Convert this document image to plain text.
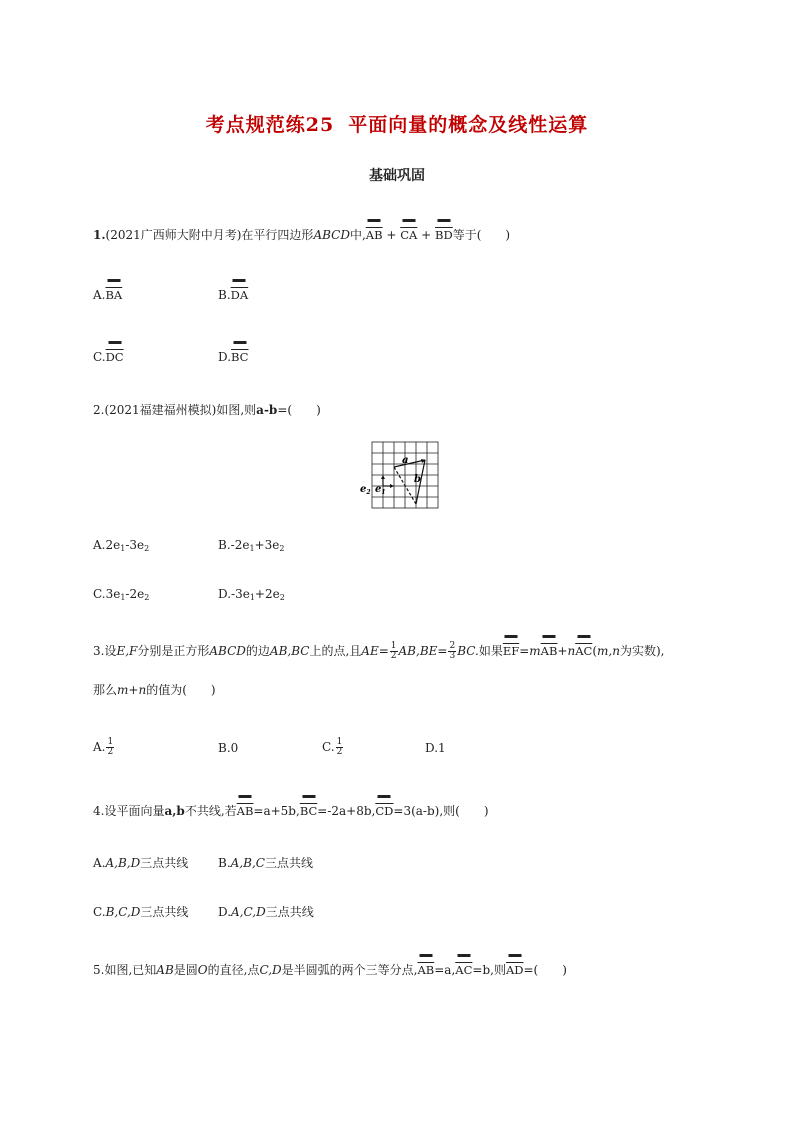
考点规范练25 平面向量的概念及线性运算
基础巩固
1.(2021广西师大附中月考)在平行四边形ABCD中$,\overline{AB} + \overline{CA} + \overline{BD}$等于(　　)
$A.\overline{BA}$	$B.\overline{DA}$
$C.\overline{DC}$	$D.\overline{BC}$
2.(2021福建福州模拟)如图,则a-b=(　　)
a
b
$e_2$ $e_1$
$A.2e_1-3e_2$	$B.-2e_1+3e_2$
$C.3e_1-2e_2$	$D.-3e_1+2e_2$
3.设E,F分别是正方形ABCD的边AB,BC上的点,且$AE= \frac{1}{2} AB,BE= \frac{2}{3}$ BC.如果$\overline{EF}=m\overline{AB}+n\overline{AC}(m,n$为实数),
那么m+n的值为(　　)
A. $\frac{1}{2}$	B.0	C. $\frac{1}{2}$	D.1
4.设平面向量a,b不共线,若$\overline{AB}=a+5b,\overline{BC}=-2a+8b,\overline{CD}=3(a-b)$,则(　　)
A.A,B,D三点共线 B.A,B,C三点共线
C.B,C,D三点共线 D.A,C,D三点共线
5.如图,已知AB是圆O的直径,点C,D是半圆弧的两个三等分点$,\overline{AB}=a,\overline{AC}=b$,则$\overline{AD}=$(　　)
